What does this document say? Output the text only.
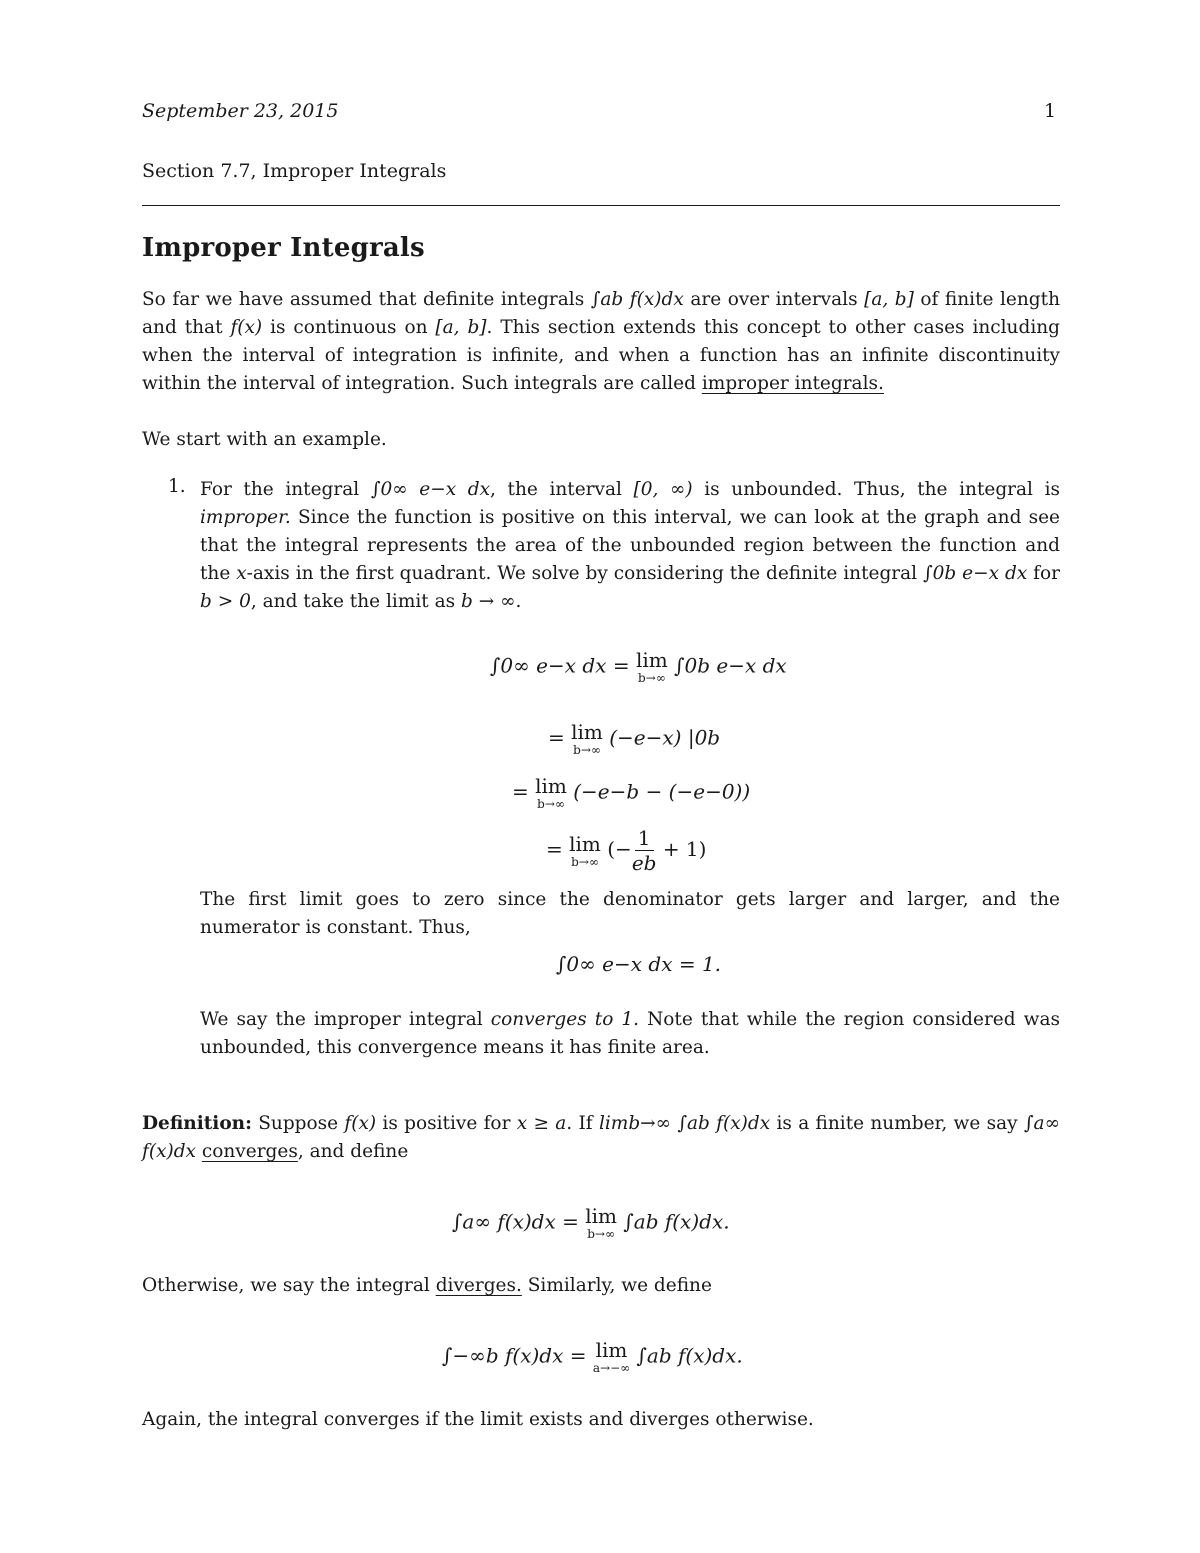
September 23, 2015	1
Section 7.7, Improper Integrals
Improper Integrals
So far we have assumed that definite integrals ∫ab f(x)dx are over intervals [a, b] of finite length and that f(x) is continuous on [a, b]. This section extends this concept to other cases including when the interval of integration is infinite, and when a function has an infinite discontinuity within the interval of integration. Such integrals are called improper integrals.
We start with an example.
1. For the integral ∫0∞ e−x dx, the interval [0, ∞) is unbounded. Thus, the integral is improper. Since the function is positive on this interval, we can look at the graph and see that the integral represents the area of the unbounded region between the function and the x-axis in the first quadrant. We solve by considering the definite integral ∫0b e−x dx for b > 0, and take the limit as b → ∞.
∫0∞ e−x dx = lim
b→∞
∫0b e−x dx
= lim
b→∞
(−e−x) |0b
= lim
b→∞
(−e−b − (−e−0))
= lim
b→∞
(− $\frac{1}{eb} + 1$)
The first limit goes to zero since the denominator gets larger and larger, and the numerator is constant. Thus,
∫0∞ e−x dx = 1.
We say the improper integral converges to 1. Note that while the region considered was unbounded, this convergence means it has finite area.
Definition: Suppose f(x) is positive for x ≥ a. If limb→∞ ∫ab f(x)dx is a finite number, we say ∫a∞ f(x)dx converges, and define
∫a∞ f(x)dx = lim
b→∞
∫ab f(x)dx.
Otherwise, we say the integral diverges. Similarly, we define
∫−∞b f(x)dx = lim
a→−∞
∫ab f(x)dx.
Again, the integral converges if the limit exists and diverges otherwise.
